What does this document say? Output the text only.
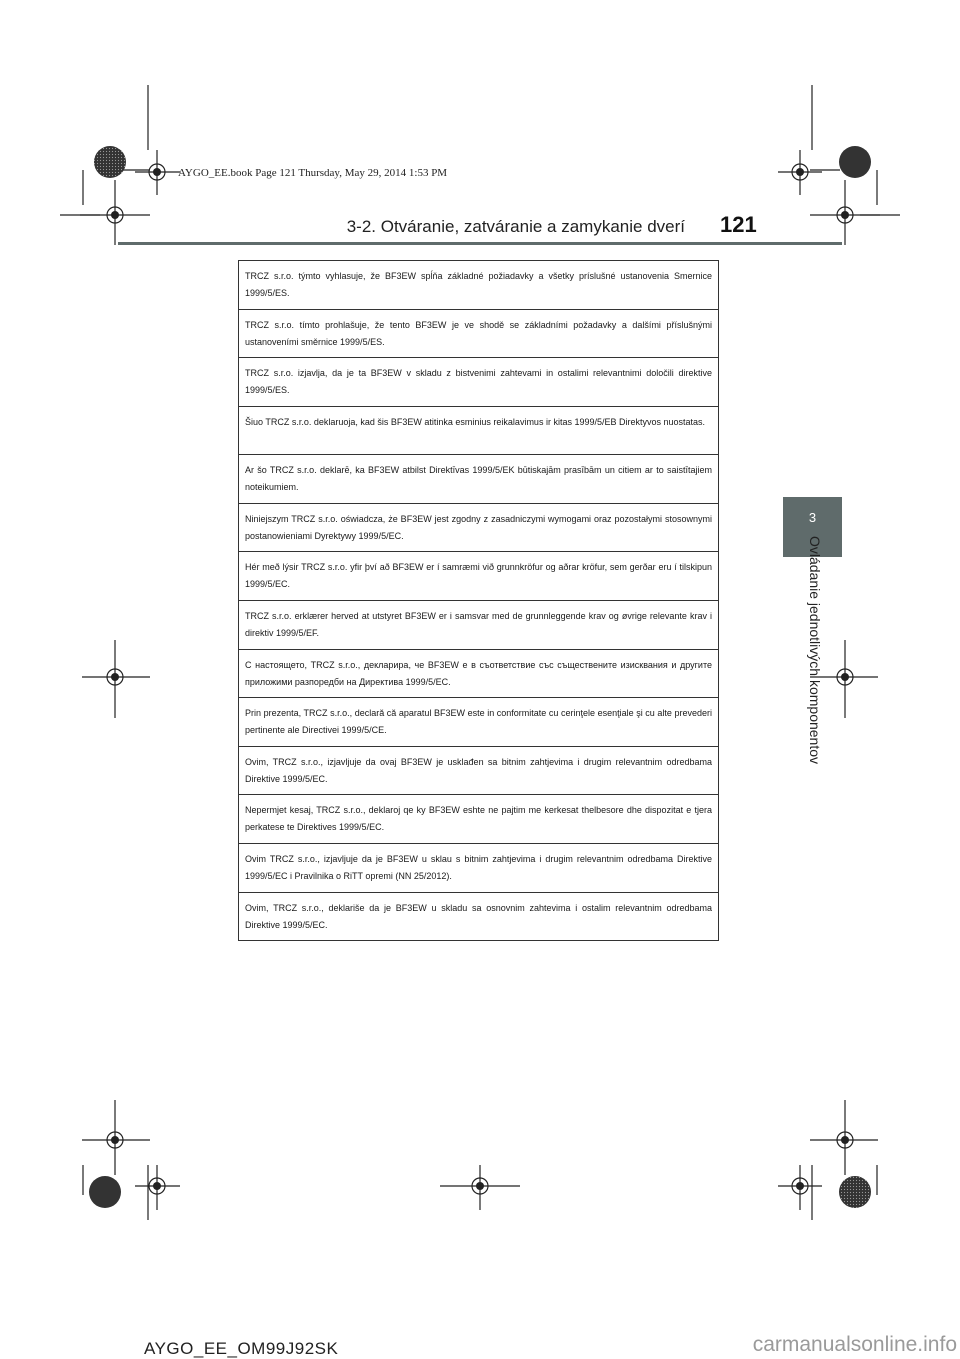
AYGO_EE.book Page 121 Thursday, May 29, 2014 1:53 PM
3-2. Otváranie, zatváranie a zamykanie dverí 121
3
Ovládanie jednotlivých komponentov
TRCZ s.r.o. týmto vyhlasuje, že BF3EW spĺňa základné požiadavky a všetky príslušné ustanovenia Smernice 1999/5/ES.
TRCZ s.r.o. tímto prohlašuje, že tento BF3EW je ve shodě se základními požadavky a dalšími příslušnými ustanoveními směrnice 1999/5/ES.
TRCZ s.r.o. izjavlja, da je ta BF3EW v skladu z bistvenimi zahtevami in ostalimi relevantnimi določili direktive 1999/5/ES.
Šiuo TRCZ s.r.o. deklaruoja, kad šis BF3EW atitinka esminius reikalavimus ir kitas 1999/5/EB Direktyvos nuostatas.
Ar šo TRCZ s.r.o. deklarē, ka BF3EW atbilst Direktīvas 1999/5/EK būtiskajām prasībām un citiem ar to saistītajiem noteikumiem.
Niniejszym TRCZ s.r.o. oświadcza, że BF3EW jest zgodny z zasadniczymi wymogami oraz pozostałymi stosownymi postanowieniami Dyrektywy 1999/5/EC.
Hér með lýsir TRCZ s.r.o. yfir því að BF3EW er í samræmi við grunnkröfur og aðrar kröfur, sem gerðar eru í tilskipun 1999/5/EC.
TRCZ s.r.o. erklærer herved at utstyret BF3EW er i samsvar med de grunnleggende krav og øvrige relevante krav i direktiv 1999/5/EF.
С настоящето, TRCZ s.r.o., декларира, че BF3EW е в съответствие със съществените изисквания и другите приложими разпоредби на Директива 1999/5/ЕС.
Prin prezenta, TRCZ s.r.o., declară că aparatul BF3EW este in conformitate cu cerinţele esenţiale şi cu alte prevederi pertinente ale Directivei 1999/5/CE.
Ovim, TRCZ s.r.o., izjavljuje da ovaj BF3EW je usklađen sa bitnim zahtjevima i drugim relevantnim odredbama Direktive 1999/5/EC.
Nepermjet kesaj, TRCZ s.r.o., deklaroj qe ky BF3EW eshte ne pajtim me kerkesat thelbesore dhe dispozitat e tjera perkatese te Direktives 1999/5/EC.
Ovim TRCZ s.r.o., izjavljuje da je BF3EW u sklau s bitnim zahtjevima i drugim relevantnim odredbama Direktive 1999/5/EC i Pravilnika o RiTT opremi (NN 25/2012).
Ovim, TRCZ s.r.o., deklariše da je BF3EW u skladu sa osnovnim zahtevima i ostalim relevantnim odredbama Direktive 1999/5/EC.
AYGO_EE_OM99J92SK	carmanualsonline.info
